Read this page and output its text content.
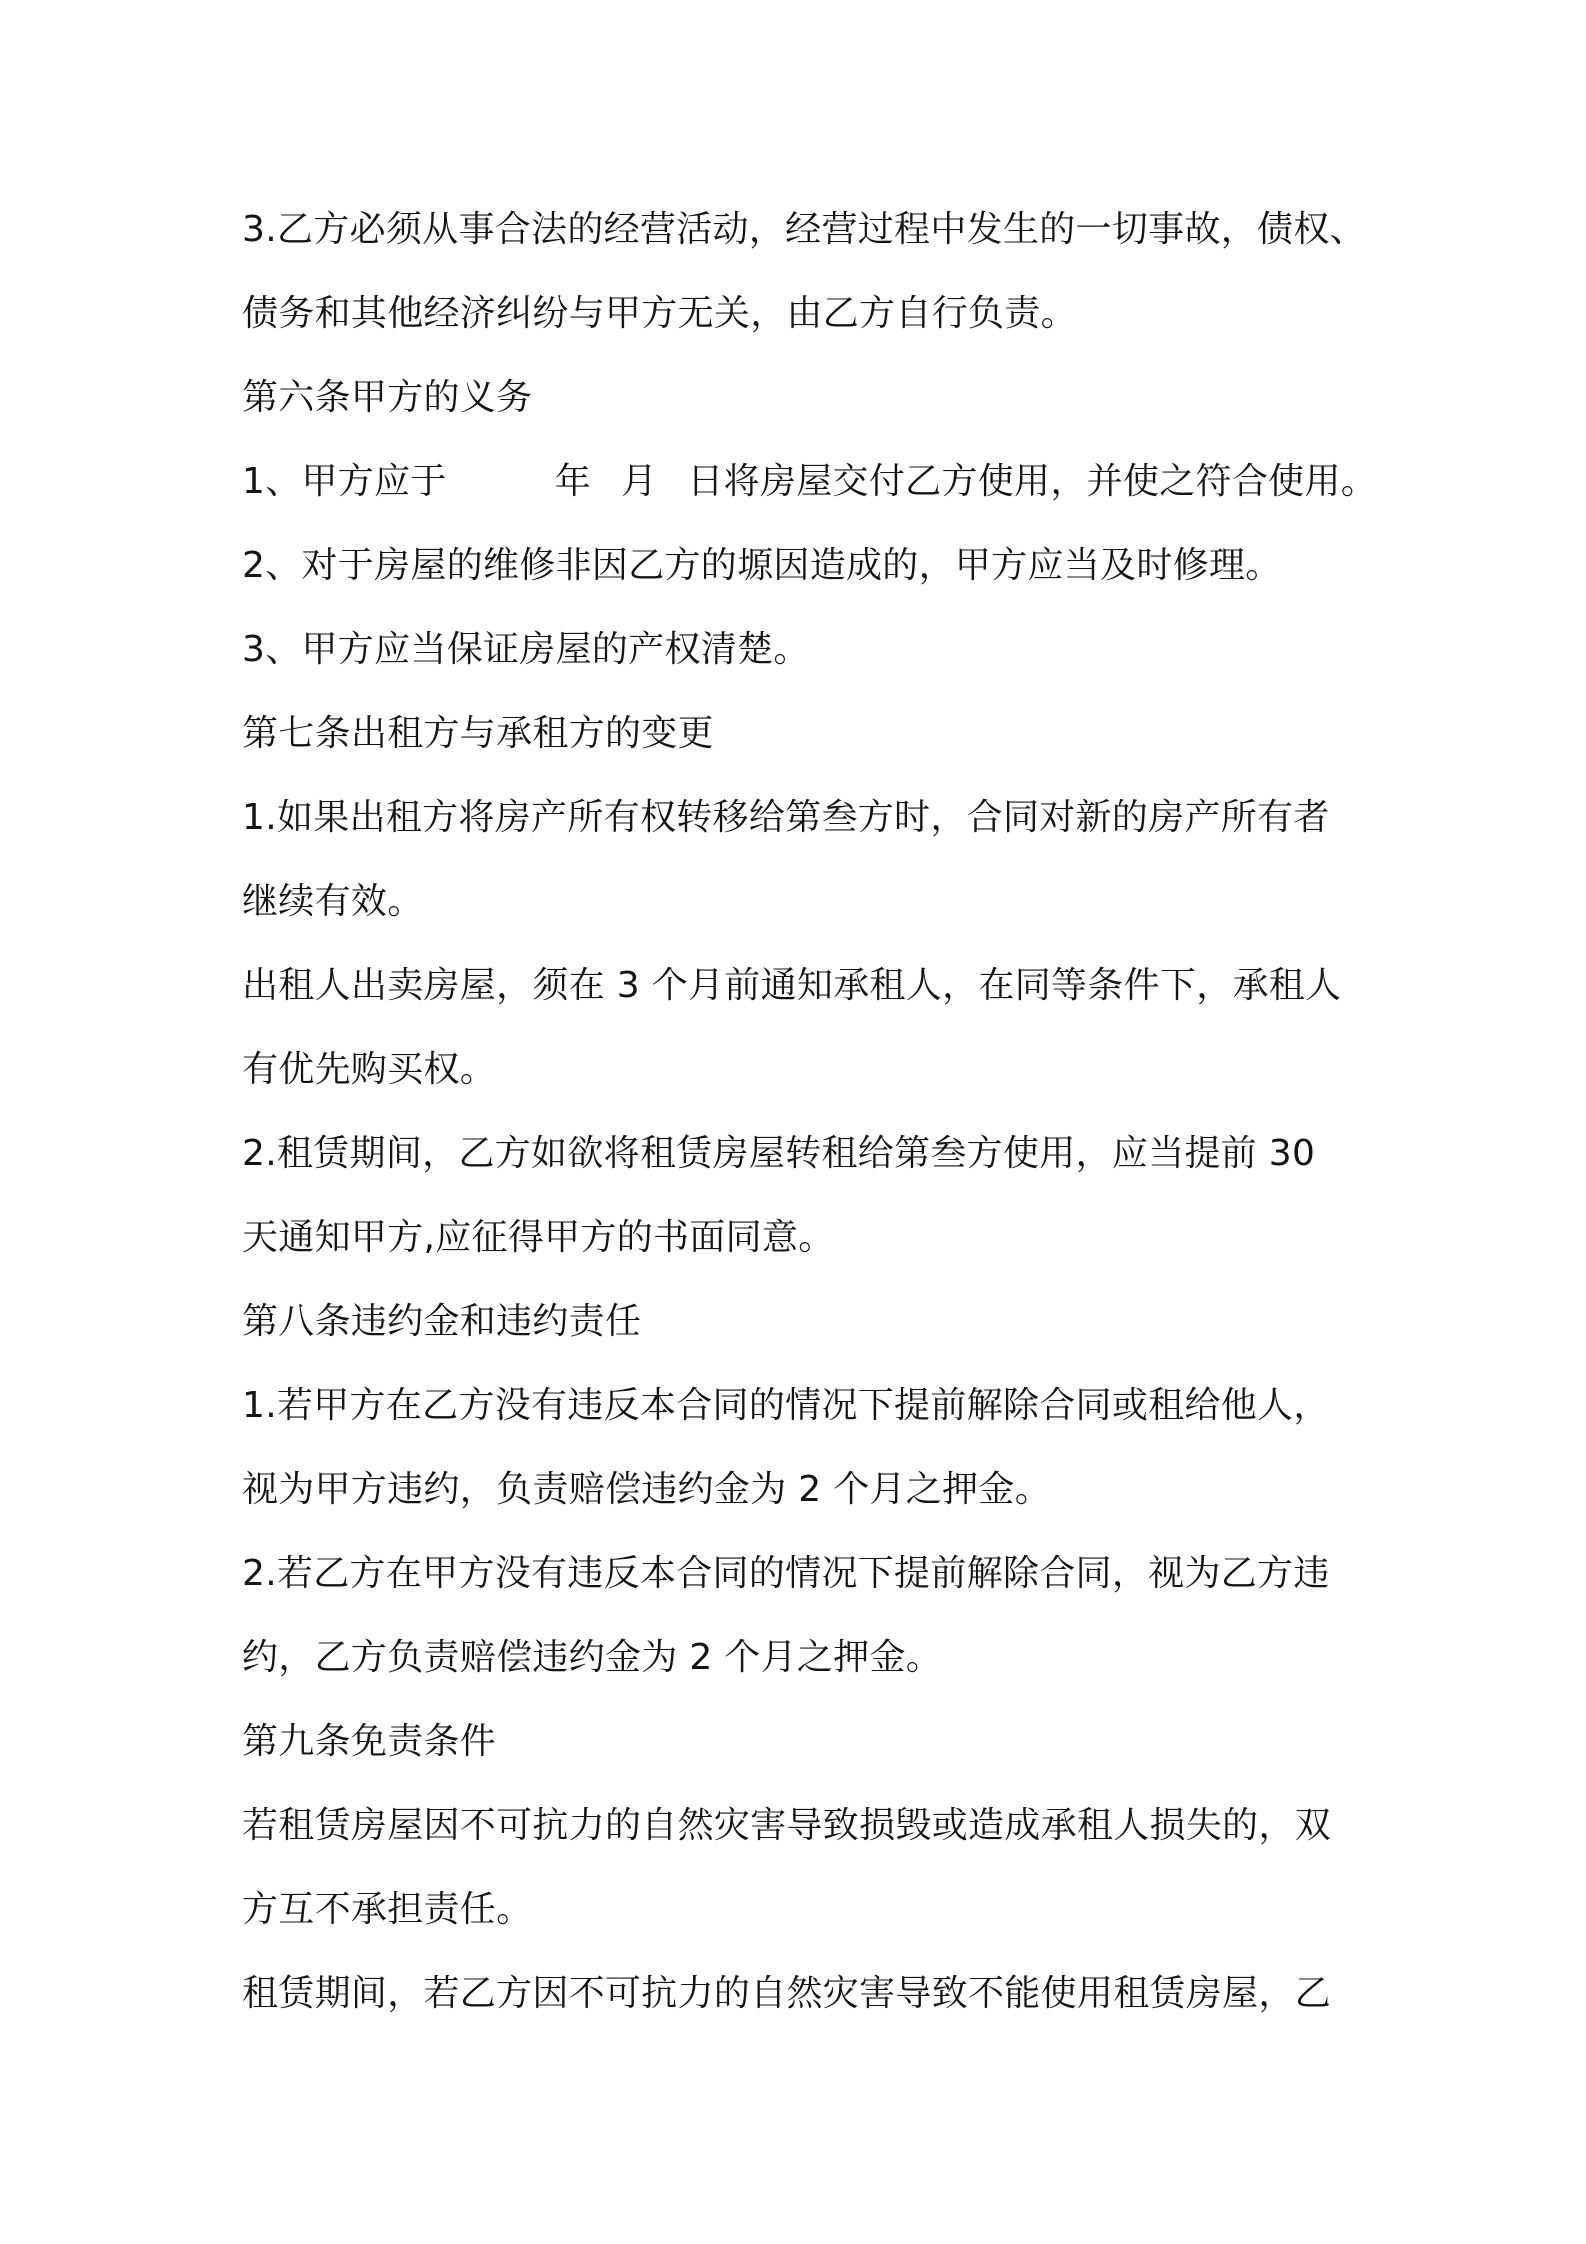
3.乙方必须从事合法的经营活动，经营过程中发生的一切事故，债权、
债务和其他经济纠纷与甲方无关，由乙方自行负责。
第六条甲方的义务
1、甲方应于	年 月 日将房屋交付乙方使用，并使之符合使用。
2、对于房屋的维修非因乙方的塬因造成的，甲方应当及时修理。
3、甲方应当保证房屋的产权清楚。
第七条出租方与承租方的变更
1.如果出租方将房产所有权转移给第叁方时，合同对新的房产所有者
继续有效。
出租人出卖房屋，须在 3 个月前通知承租人，在同等条件下，承租人
有优先购买权。
2.租赁期间，乙方如欲将租赁房屋转租给第叁方使用，应当提前 30
天通知甲方,应征得甲方的书面同意。
第八条违约金和违约责任
1.若甲方在乙方没有违反本合同的情况下提前解除合同或租给他人，
视为甲方违约，负责赔偿违约金为 2 个月之押金。
2.若乙方在甲方没有违反本合同的情况下提前解除合同，视为乙方违
约，乙方负责赔偿违约金为 2 个月之押金。
第九条免责条件
若租赁房屋因不可抗力的自然灾害导致损毁或造成承租人损失的，双
方互不承担责任。
租赁期间，若乙方因不可抗力的自然灾害导致不能使用租赁房屋，乙
